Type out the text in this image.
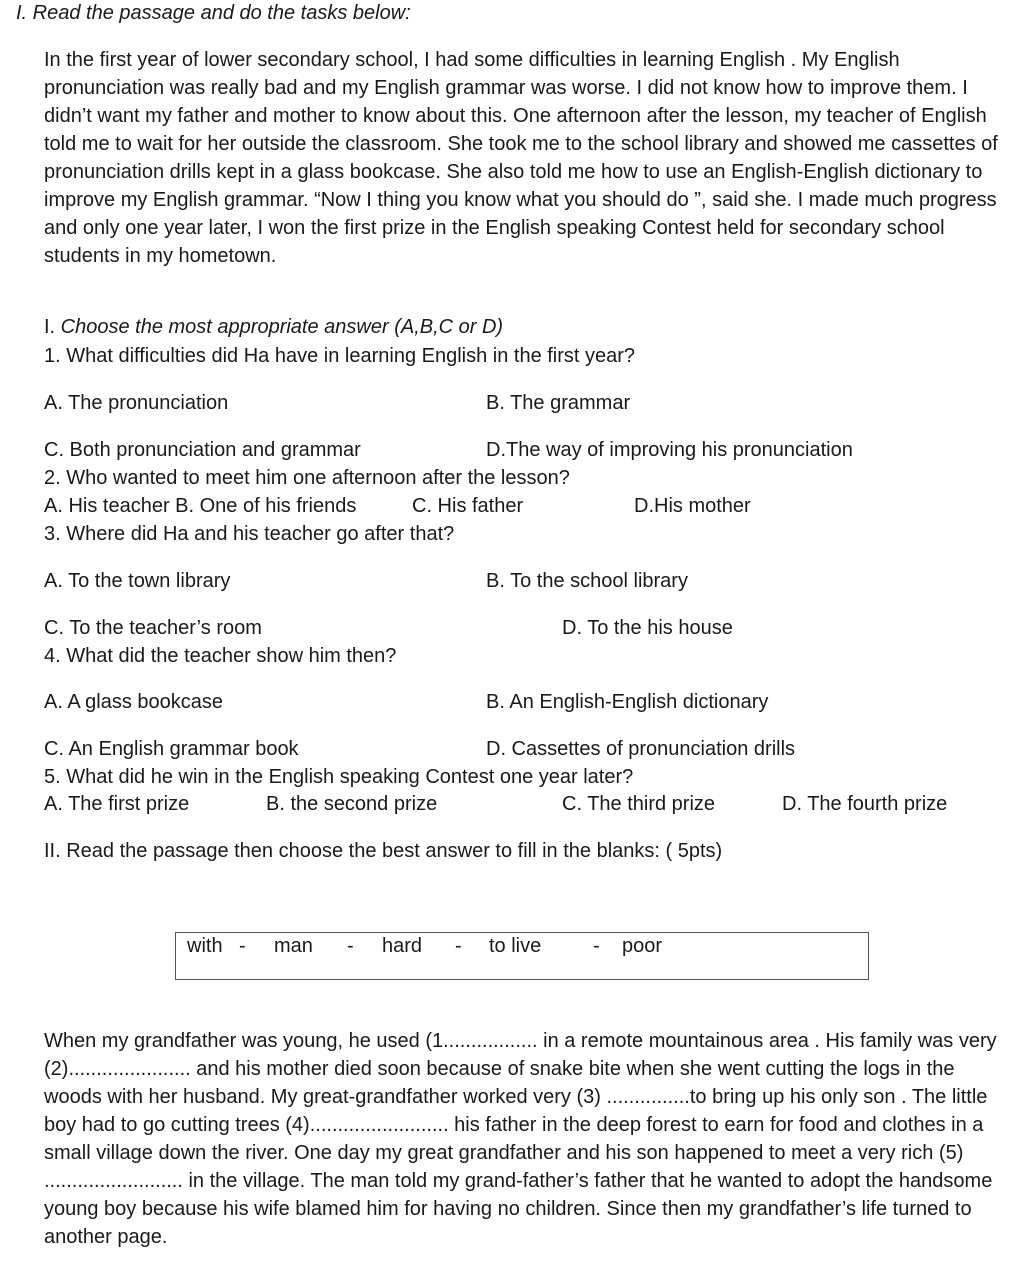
I. Read the passage and do the tasks below:
In the first year of lower secondary school, I had some difficulties in learning English . My English pronunciation was really bad and my English grammar was worse. I did not know how to improve them. I didn’t want my father and mother to know about this. One afternoon after the lesson, my teacher of English told me to wait for her outside the classroom. She took me to the school library and showed me cassettes of pronunciation drills kept in a glass bookcase. She also told me how to use an English-English dictionary to improve my English grammar. “Now I thing you know what you should do ”, said she. I made much progress and only one year later, I won the first prize in the English speaking Contest held for secondary school students in my hometown.
I. Choose the most appropriate answer (A,B,C or D)
1. What difficulties did Ha have in learning English in the first year?
A. The pronunciation	B. The grammar
C. Both pronunciation and grammar	D.The way of improving his pronunciation
2. Who wanted to meet him one afternoon after the lesson?
A. His teacher B. One of his friends	C. His father	D.His mother
3. Where did Ha and his teacher go after that?
A. To the town library	B. To the school library
C. To the teacher’s room	D. To the his house
4. What did the teacher show him then?
A. A glass bookcase	B. An English-English dictionary
C. An English grammar book	D. Cassettes of pronunciation drills
5. What did he win in the English speaking Contest one year later?
A. The first prize	B. the second prize	C. The third prize	D. The fourth prize
II. Read the passage then choose the best answer to fill in the blanks: ( 5pts)
with - man - hard - to live	- poor
When my grandfather was young, he used (1................. in a remote mountainous area . His family was very (2)...................... and his mother died soon because of snake bite when she went cutting the logs in the woods with her husband. My great-grandfather worked very (3) ...............to bring up his only son . The little boy had to go cutting trees (4)......................... his father in the deep forest to earn for food and clothes in a small village down the river. One day my great grandfather and his son happened to meet a very rich (5) ......................... in the village. The man told my grand-father’s father that he wanted to adopt the handsome young boy because his wife blamed him for having no children. Since then my grandfather’s life turned to another page.
